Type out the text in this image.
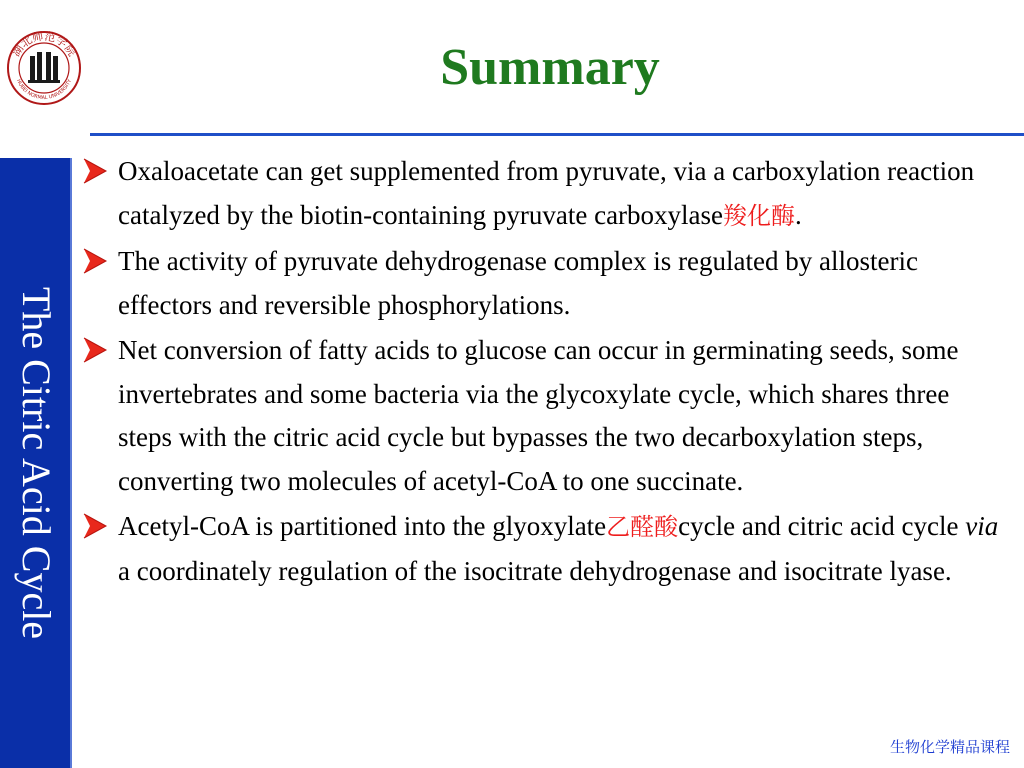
湖北师范学院
HUBEI NORMAL UNIVERSITY	Summary
The Citric Acid Cycle
Oxaloacetate can get supplemented from pyruvate, via a carboxylation reaction catalyzed by the biotin-containing pyruvate carboxylase羧化酶.
The activity of pyruvate dehydrogenase complex is regulated by allosteric effectors and reversible phosphorylations.
Net conversion of fatty acids to glucose can occur in germinating seeds, some invertebrates and some bacteria via the glycoxylate cycle, which shares three steps with the citric acid cycle but bypasses the two decarboxylation steps, converting two molecules of acetyl-CoA to one succinate.
Acetyl-CoA is partitioned into the glyoxylate乙醛酸cycle and citric acid cycle via a coordinately regulation of the isocitrate dehydrogenase and isocitrate lyase.
生物化学精品课程
